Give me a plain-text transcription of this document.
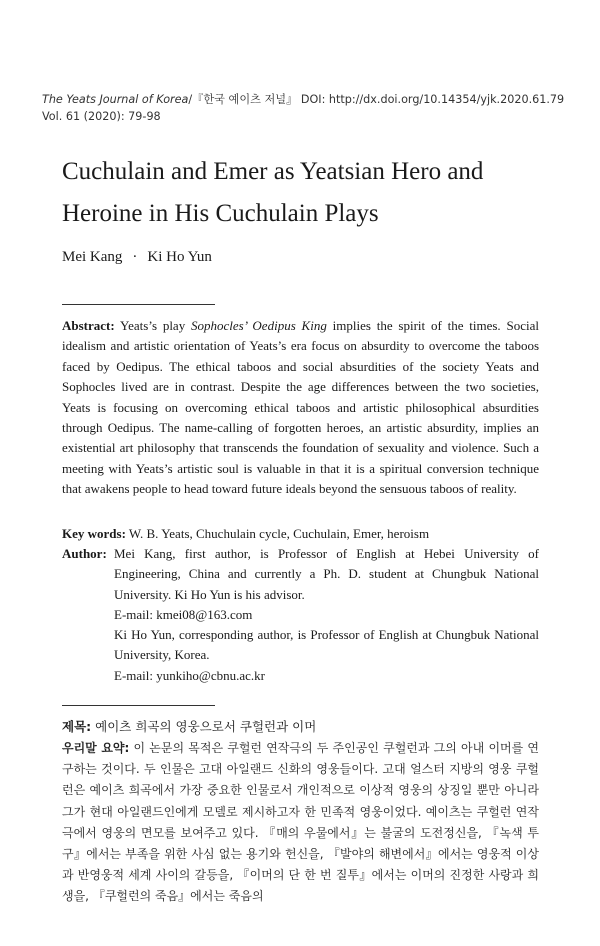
The Yeats Journal of Korea/『한국 예이츠 저널』 DOI: http://dx.doi.org/10.14354/yjk.2020.61.79
Vol. 61 (2020): 79-98
Cuchulain and Emer as Yeatsian Hero and
Heroine in His Cuchulain Plays
Mei Kang · Ki Ho Yun
Abstract: Yeats’s play Sophocles’ Oedipus King implies the spirit of the times. Social idealism and artistic orientation of Yeats’s era focus on absurdity to overcome the taboos faced by Oedipus. The ethical taboos and social absurdities of the society Yeats and Sophocles lived are in contrast. Despite the age differences between the two societies, Yeats is focusing on overcoming ethical taboos and artistic philosophical absurdities through Oedipus. The name-calling of forgotten heroes, an artistic absurdity, implies an existential art philosophy that transcends the foundation of sexuality and violence. Such a meeting with Yeats’s artistic soul is valuable in that it is a spiritual conversion technique that awakens people to head toward future ideals beyond the sensuous taboos of reality.
Key words: W. B. Yeats, Chuchulain cycle, Cuchulain, Emer, heroism
Author: Mei Kang, first author, is Professor of English at Hebei University of Engineering, China and currently a Ph. D. student at Chungbuk National University. Ki Ho Yun is his advisor.

E-mail: kmei08@163.com

Ki Ho Yun, corresponding author, is Professor of English at Chungbuk National University, Korea.

E-mail: yunkiho@cbnu.ac.kr

제목: 예이츠 희곡의 영웅으로서 쿠헐런과 이머
우리말 요약: 이 논문의 목적은 쿠헐런 연작극의 두 주인공인 쿠헐런과 그의 아내 이머를 연구하는 것이다. 두 인물은 고대 아일랜드 신화의 영웅들이다. 고대 얼스터 지방의 영웅 쿠헐런은 예이츠 희곡에서 가장 중요한 인물로서 개인적으로 이상적 영웅의 상징일 뿐만 아니라 그가 현대 아일랜드인에게 모델로 제시하고자 한 민족적 영웅이었다. 예이츠는 쿠헐런 연작극에서 영웅의 면모를 보여주고 있다. 『매의 우물에서』는 불굴의 도전정신을, 『녹색 투구』에서는 부족을 위한 사심 없는 용기와 헌신을, 『발야의 해변에서』에서는 영웅적 이상과 반영웅적 세계 사이의 갈등을, 『이머의 단 한 번 질투』에서는 이머의 진정한 사랑과 희생을, 『쿠헐런의 죽음』에서는 죽음의
